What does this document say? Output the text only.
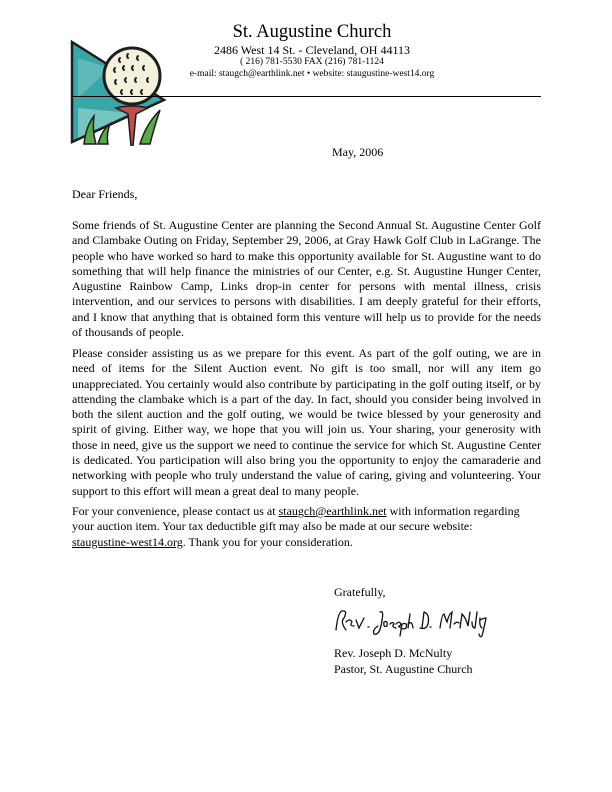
St. Augustine Church
2486 West 14 St. - Cleveland, OH 44113
( 216) 781-5530 FAX (216) 781-1124
e-mail: staugch@earthlink.net • website: staugustine-west14.org
May, 2006
Dear Friends,
Some friends of St. Augustine Center are planning the Second Annual St. Augustine Center Golf and Clambake Outing on Friday, September 29, 2006, at Gray Hawk Golf Club in LaGrange. The people who have worked so hard to make this opportunity available for St. Augustine want to do something that will help finance the ministries of our Center, e.g. St. Augustine Hunger Center, Augustine Rainbow Camp, Links drop-in center for persons with mental illness, crisis intervention, and our services to persons with disabilities. I am deeply grateful for their efforts, and I know that anything that is obtained form this venture will help us to provide for the needs of thousands of people.
Please consider assisting us as we prepare for this event. As part of the golf outing, we are in need of items for the Silent Auction event. No gift is too small, nor will any item go unappreciated. You certainly would also contribute by participating in the golf outing itself, or by attending the clambake which is a part of the day. In fact, should you consider being involved in both the silent auction and the golf outing, we would be twice blessed by your generosity and spirit of giving. Either way, we hope that you will join us. Your sharing, your generosity with those in need, give us the support we need to continue the service for which St. Augustine Center is dedicated. You participation will also bring you the opportunity to enjoy the camaraderie and networking with people who truly understand the value of caring, giving and volunteering. Your support to this effort will mean a great deal to many people.
For your convenience, please contact us at staugch@earthlink.net with information regarding your auction item. Your tax deductible gift may also be made at our secure website:
staugustine-west14.org. Thank you for your consideration.
Gratefully,
Rev. Joseph D. McNulty
Pastor, St. Augustine Church
